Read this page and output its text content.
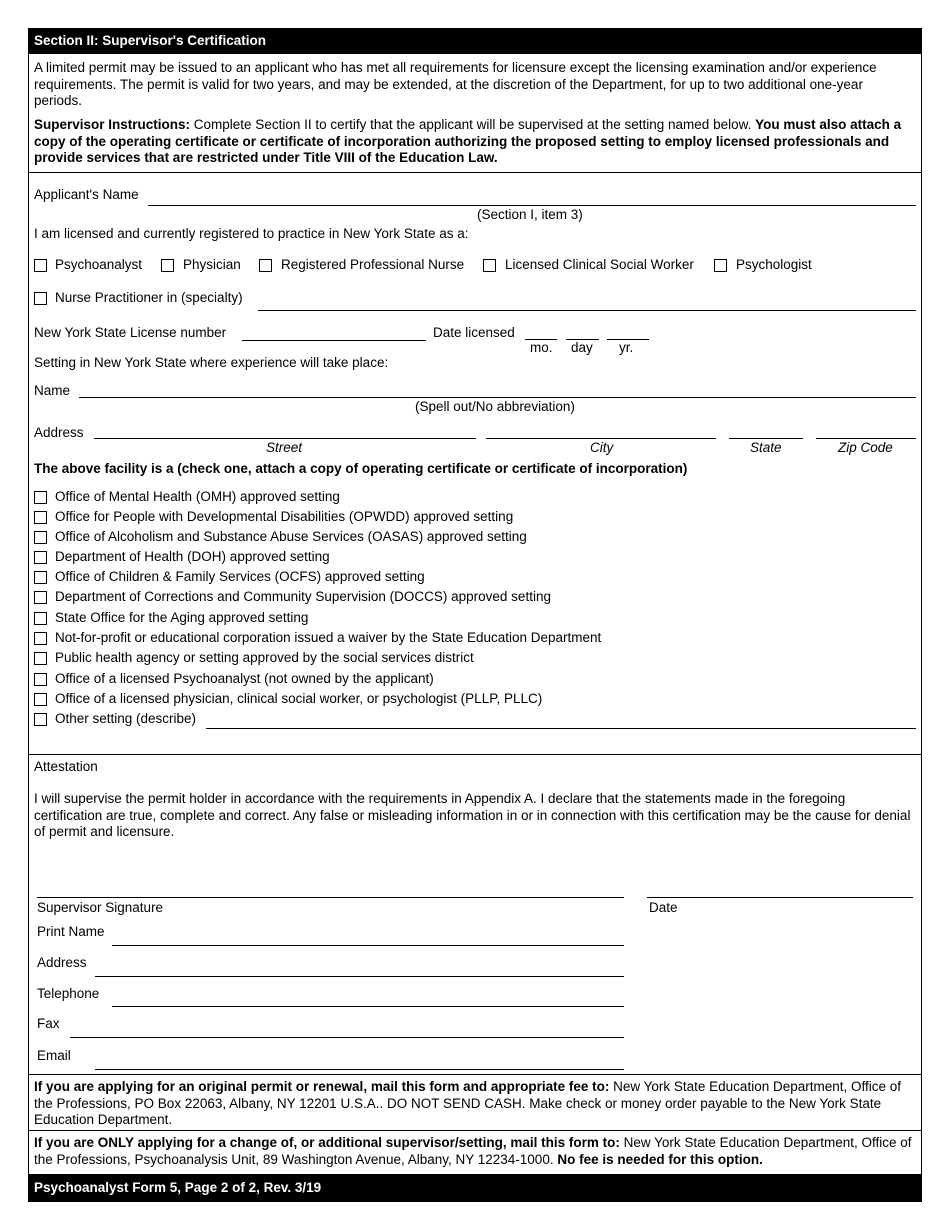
Section II: Supervisor's Certification
A limited permit may be issued to an applicant who has met all requirements for licensure except the licensing examination and/or experience requirements. The permit is valid for two years, and may be extended, at the discretion of the Department, for up to two additional one-year periods.
Supervisor Instructions: Complete Section II to certify that the applicant will be supervised at the setting named below. You must also attach a copy of the operating certificate or certificate of incorporation authorizing the proposed setting to employ licensed professionals and provide services that are restricted under Title VIII of the Education Law.
Applicant's Name
(Section I, item 3)
I am licensed and currently registered to practice in New York State as a:
Psychoanalyst	Physician	Registered Professional Nurse	Licensed Clinical Social Worker	Psychologist
Nurse Practitioner in (specialty)
New York State License number	Date licensed
mo. day yr.
Setting in New York State where experience will take place:
Name
(Spell out/No abbreviation)
Address
Street	City	State	Zip Code
The above facility is a (check one, attach a copy of operating certificate or certificate of incorporation)
Office of Mental Health (OMH) approved setting
Office for People with Developmental Disabilities (OPWDD) approved setting
Office of Alcoholism and Substance Abuse Services (OASAS) approved setting
Department of Health (DOH) approved setting
Office of Children & Family Services (OCFS) approved setting
Department of Corrections and Community Supervision (DOCCS) approved setting
State Office for the Aging approved setting
Not-for-profit or educational corporation issued a waiver by the State Education Department
Public health agency or setting approved by the social services district
Office of a licensed Psychoanalyst (not owned by the applicant)
Office of a licensed physician, clinical social worker, or psychologist (PLLP, PLLC)
Other setting (describe)
Attestation
I will supervise the permit holder in accordance with the requirements in Appendix A. I declare that the statements made in the foregoing certification are true, complete and correct. Any false or misleading information in or in connection with this certification may be the cause for denial of permit and licensure.
Supervisor Signature	Date
Print Name
Address
Telephone
Fax
Email
If you are applying for an original permit or renewal, mail this form and appropriate fee to: New York State Education Department, Office of the Professions, PO Box 22063, Albany, NY 12201 U.S.A.. DO NOT SEND CASH. Make check or money order payable to the New York State Education Department.
If you are ONLY applying for a change of, or additional supervisor/setting, mail this form to: New York State Education Department, Office of the Professions, Psychoanalysis Unit, 89 Washington Avenue, Albany, NY 12234-1000. No fee is needed for this option.
Psychoanalyst Form 5, Page 2 of 2, Rev. 3/19
